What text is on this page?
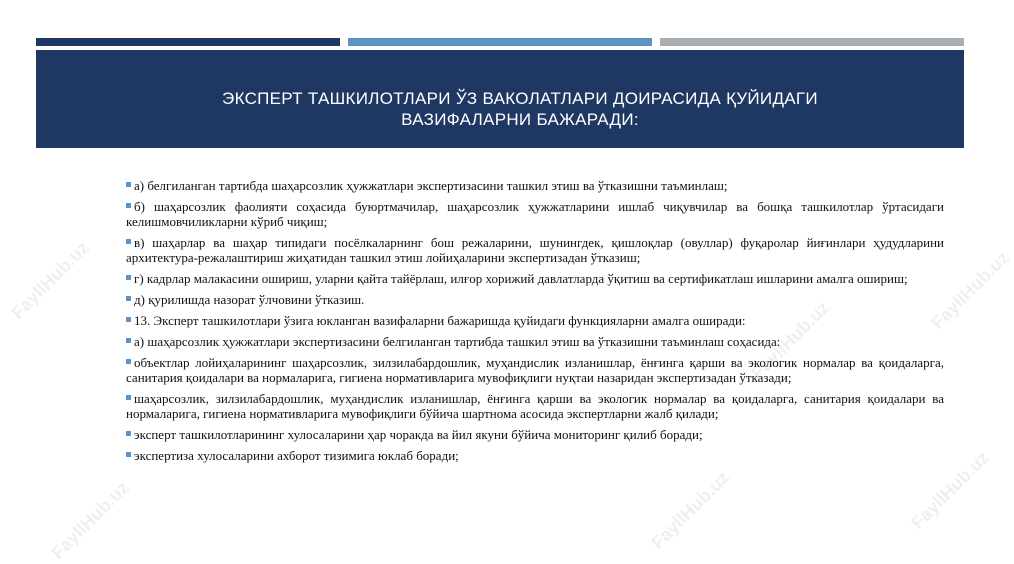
ЭКСПЕРТ ТАШКИЛОТЛАРИ ЎЗ ВАКОЛАТЛАРИ ДОИРАСИДА ҚУЙИДАГИ ВАЗИФАЛАРНИ БАЖАРАДИ:
FayllHub.uz
FayllHub.uz	FayllHub.uz	FayllHub.uz
FayllHub.uz
FayllHub.uz
а) белгиланган тартибда шаҳарсозлик ҳужжатлари экспертизасини ташкил этиш ва ўтказишни таъминлаш;
б) шаҳарсозлик фаолияти соҳасида буюртмачилар, шаҳарсозлик ҳужжатларини ишлаб чиқувчилар ва бошқа ташкилотлар ўртасидаги келишмовчиликларни кўриб чиқиш;
в) шаҳарлар ва шаҳар типидаги посёлкаларнинг бош режаларини, шунингдек, қишлоқлар (овуллар) фуқаролар йиғинлари ҳудудларини архитектура-режалаштириш жиҳатидан ташкил этиш лойиҳаларини экспертизадан ўтказиш;
г) кадрлар малакасини ошириш, уларни қайта тайёрлаш, илғор хорижий давлатларда ўқитиш ва сертификатлаш ишларини амалга ошириш;
д) қурилишда назорат ўлчовини ўтказиш.
13. Эксперт ташкилотлари ўзига юкланган вазифаларни бажаришда қуйидаги функцияларни амалга оширади:
а) шаҳарсозлик ҳужжатлари экспертизасини белгиланган тартибда ташкил этиш ва ўтказишни таъминлаш соҳасида:
объектлар лойиҳаларининг шаҳарсозлик, зилзилабардошлик, муҳандислик изланишлар, ёнғинга қарши ва экологик нормалар ва қоидаларга, санитария қоидалари ва нормаларига, гигиена нормативларига мувофиқлиги нуқтаи назаридан экспертизадан ўтказади;
шаҳарсозлик, зилзилабардошлик, муҳандислик изланишлар, ёнғинга қарши ва экологик нормалар ва қоидаларга, санитария қоидалари ва нормаларига, гигиена нормативларига мувофиқлиги бўйича шартнома асосида экспертларни жалб қилади;
эксперт ташкилотларининг хулосаларини ҳар чоракда ва йил якуни бўйича мониторинг қилиб боради;
экспертиза хулосаларини ахборот тизимига юклаб боради;
